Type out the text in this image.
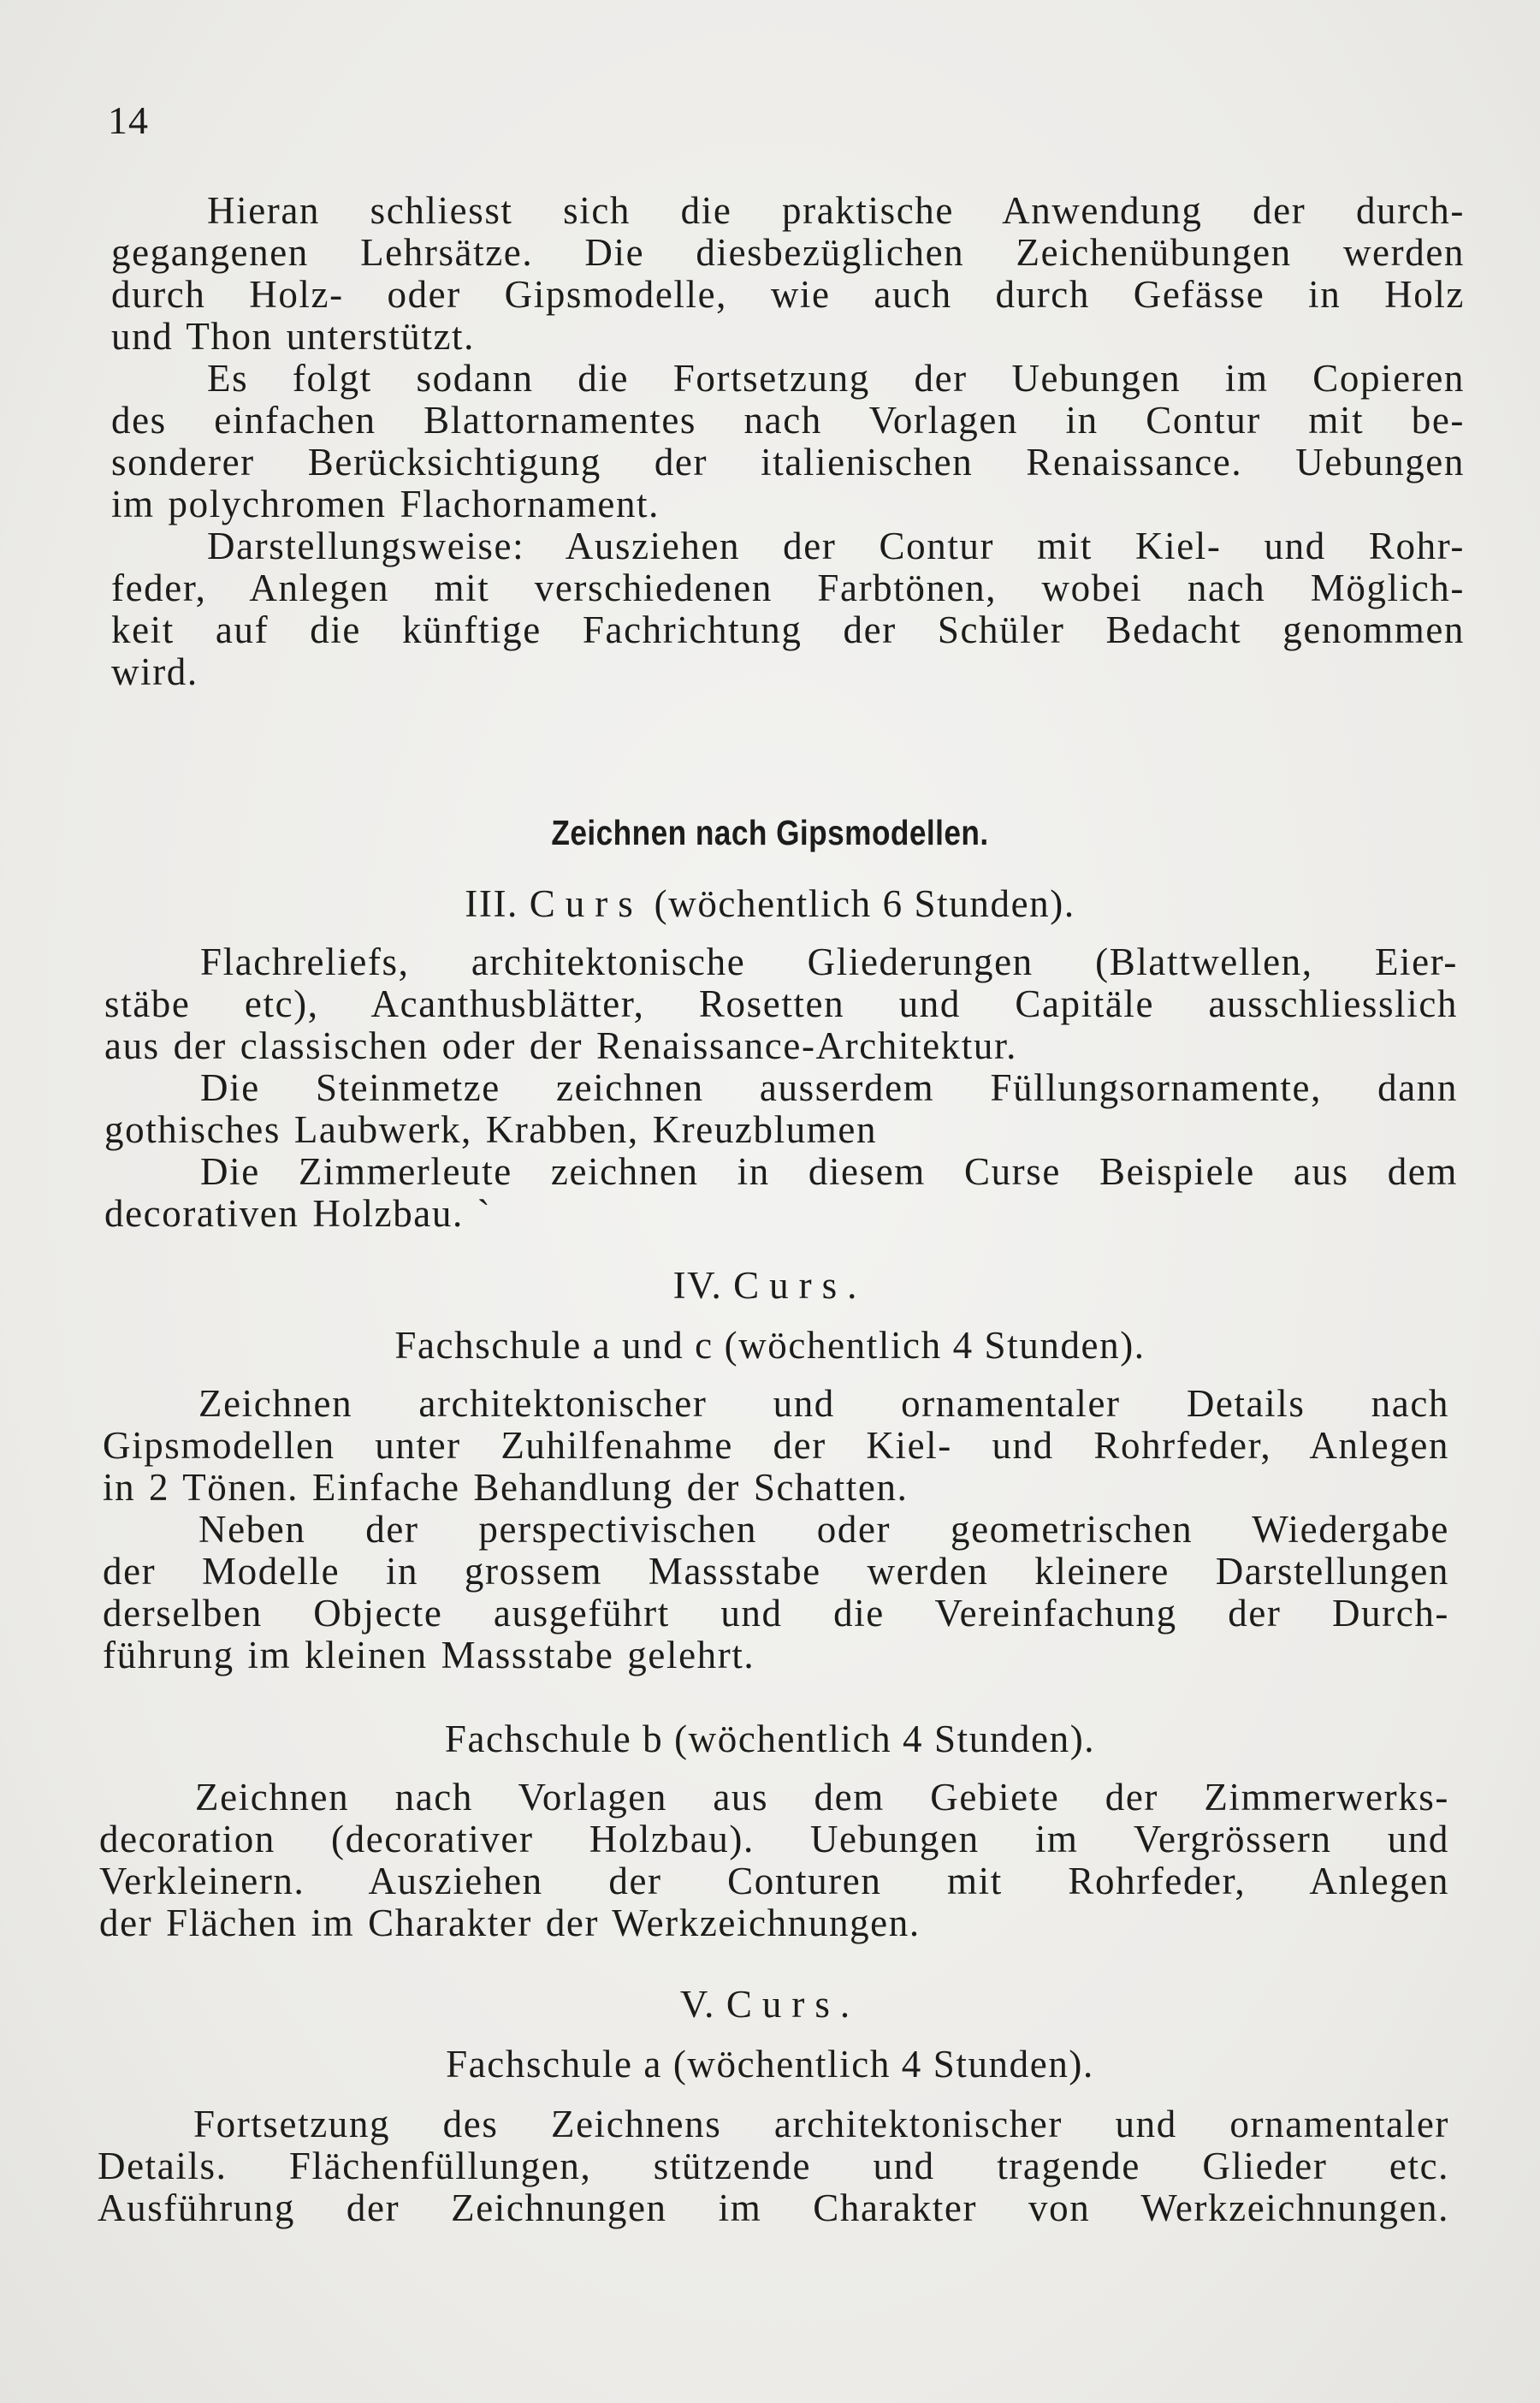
14
Hieran schliesst sich die praktische Anwendung der durch-
gegangenen Lehrsätze. Die diesbezüglichen Zeichenübungen werden
durch Holz- oder Gipsmodelle, wie auch durch Gefässe in Holz
und Thon unterstützt.
Es folgt sodann die Fortsetzung der Uebungen im Copieren
des einfachen Blattornamentes nach Vorlagen in Contur mit be-
sonderer Berücksichtigung der italienischen Renaissance. Uebungen
im polychromen Flachornament.
Darstellungsweise: Ausziehen der Contur mit Kiel- und Rohr-
feder, Anlegen mit verschiedenen Farbtönen, wobei nach Möglich-
keit auf die künftige Fachrichtung der Schüler Bedacht genommen
wird.
Zeichnen nach Gipsmodellen.
III. Curs (wöchentlich 6 Stunden).
Flachreliefs, architektonische Gliederungen (Blattwellen, Eier-
stäbe etc), Acanthusblätter, Rosetten und Capitäle ausschliesslich
aus der classischen oder der Renaissance-Architektur.
Die Steinmetze zeichnen ausserdem Füllungsornamente, dann
gothisches Laubwerk, Krabben, Kreuzblumen
Die Zimmerleute zeichnen in diesem Curse Beispiele aus dem
decorativen Holzbau. `
IV. Curs.
Fachschule a und c (wöchentlich 4 Stunden).
Zeichnen architektonischer und ornamentaler Details nach
Gipsmodellen unter Zuhilfenahme der Kiel- und Rohrfeder, Anlegen
in 2 Tönen. Einfache Behandlung der Schatten.
Neben der perspectivischen oder geometrischen Wiedergabe
der Modelle in grossem Massstabe werden kleinere Darstellungen
derselben Objecte ausgeführt und die Vereinfachung der Durch-
führung im kleinen Massstabe gelehrt.
Fachschule b (wöchentlich 4 Stunden).
Zeichnen nach Vorlagen aus dem Gebiete der Zimmerwerks-
decoration (decorativer Holzbau). Uebungen im Vergrössern und
Verkleinern. Ausziehen der Conturen mit Rohrfeder, Anlegen
der Flächen im Charakter der Werkzeichnungen.
V. Curs.
Fachschule a (wöchentlich 4 Stunden).
Fortsetzung des Zeichnens architektonischer und ornamentaler
Details. Flächenfüllungen, stützende und tragende Glieder etc.
Ausführung der Zeichnungen im Charakter von Werkzeichnungen.
